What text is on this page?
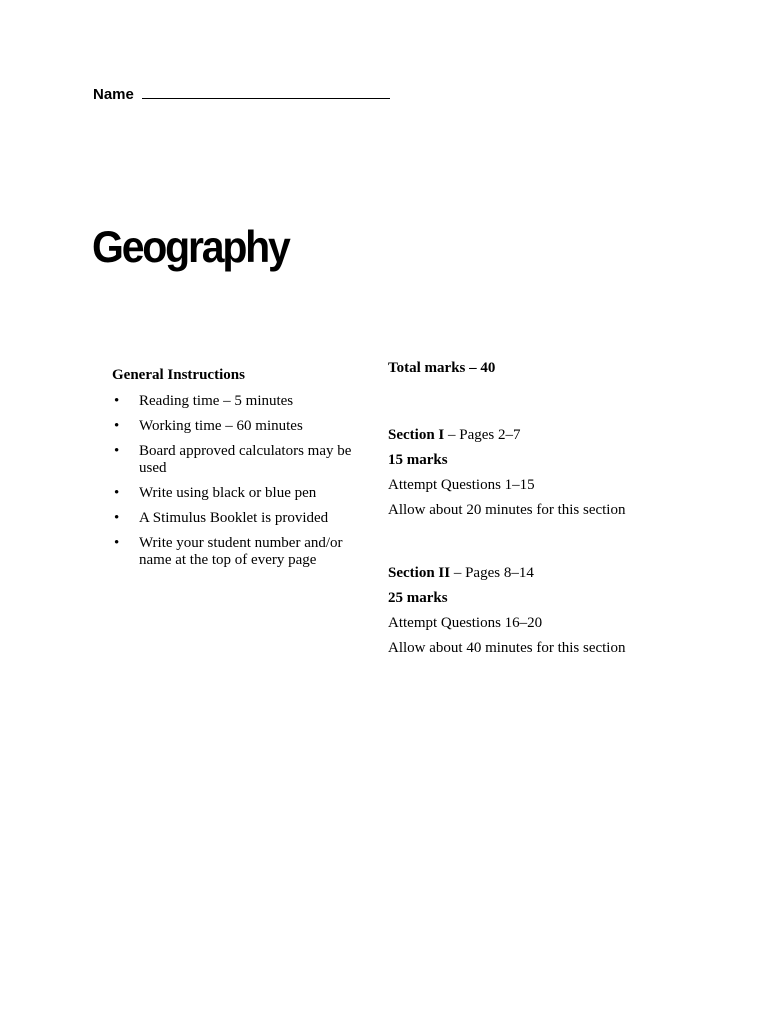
Name
Geography
General Instructions
• Reading time – 5 minutes
• Working time – 60 minutes
• Board approved calculators may be used
• Write using black or blue pen
• A Stimulus Booklet is provided
• Write your student number and/or name at the top of every page

Total marks – 40

Section I – Pages 2–7

15 marks

Attempt Questions 1–15

Allow about 20 minutes for this section

Section II – Pages 8–14

25 marks

Attempt Questions 16–20

Allow about 40 minutes for this section
